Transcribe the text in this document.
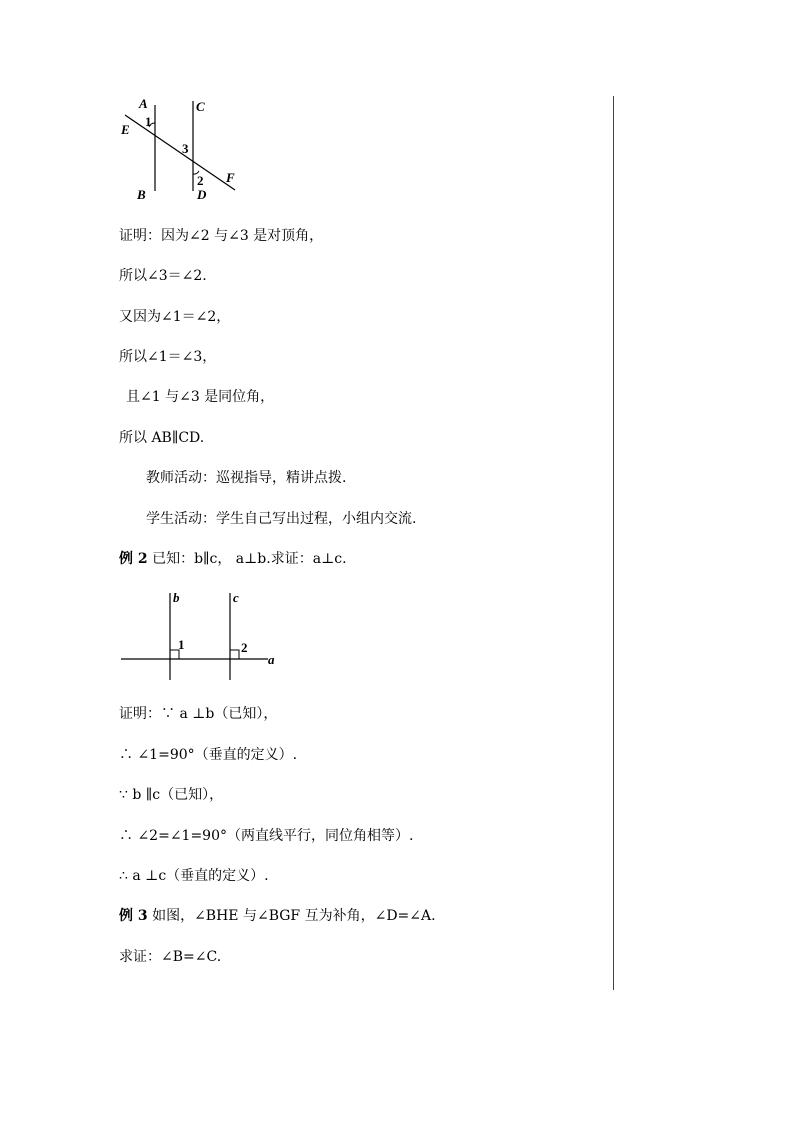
A	C
E
1
3
2 F
B	D
证明：因为∠2 与∠3 是对顶角，
所以∠3＝∠2.
又因为∠1＝∠2，
所以∠1＝∠3，
且∠1 与∠3 是同位角，
所以 AB∥CD.
教师活动：巡视指导，精讲点拨.
学生活动：学生自己写出过程，小组内交流.
例 2 已知：b∥c， a⊥b.求证：a⊥c.
b	c
1	2
a
证明：∵ a ⊥b（已知），
∴ ∠1=90°（垂直的定义）.
∵ b ∥c（已知），
∴ ∠2=∠1=90°（两直线平行，同位角相等）.
∴ a ⊥c（垂直的定义）.
例 3 如图，∠BHE 与∠BGF 互为补角，∠D=∠A.
求证：∠B=∠C.
